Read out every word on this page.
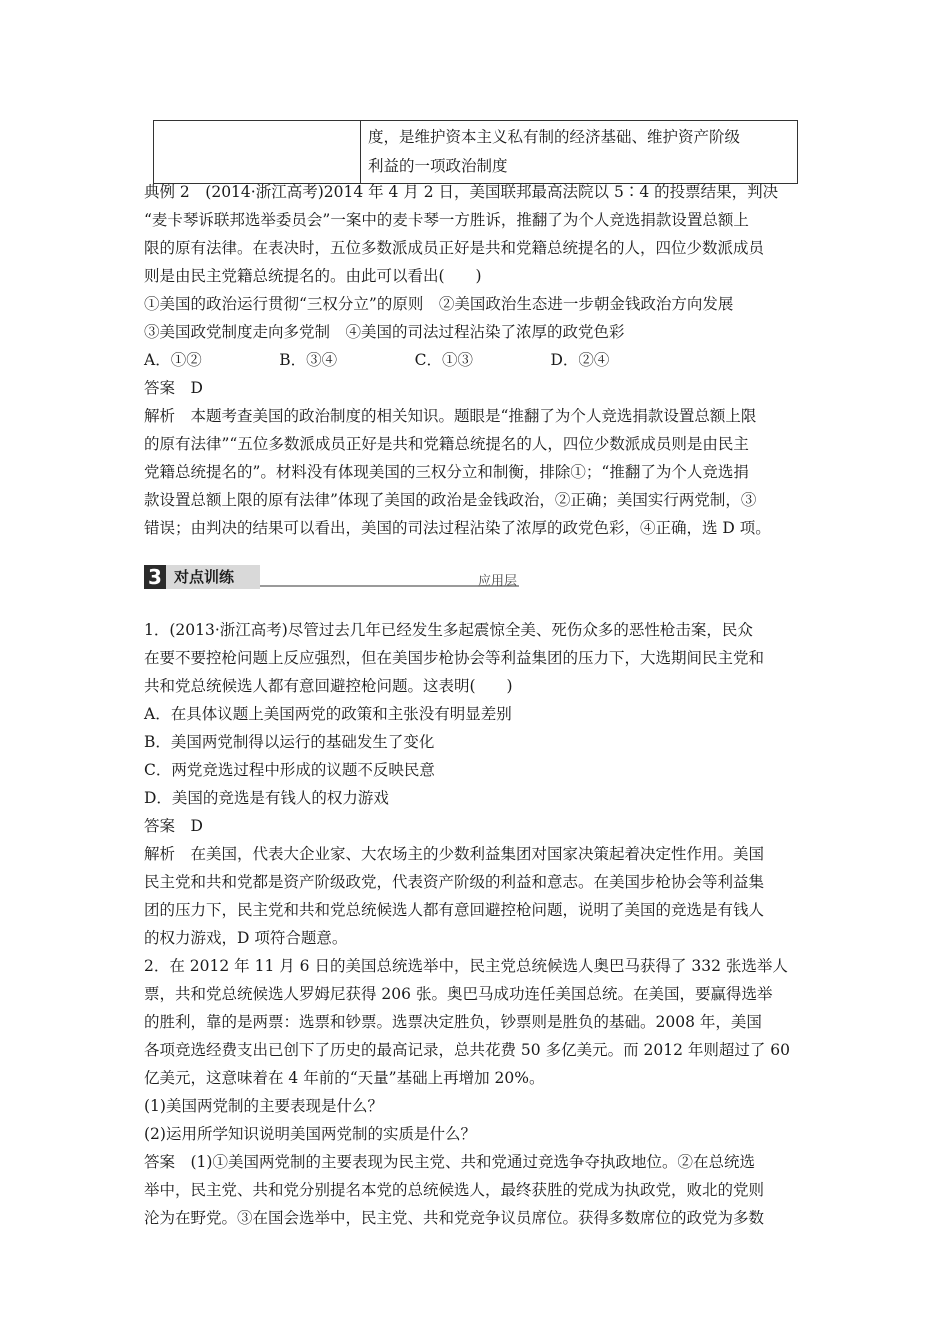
度，是维护资本主义私有制的经济基础、维护资产阶级
利益的一项政治制度
典例 2　(2014·浙江高考)2014 年 4 月 2 日，美国联邦最高法院以 5∶4 的投票结果，判决
“麦卡琴诉联邦选举委员会”一案中的麦卡琴一方胜诉，推翻了为个人竞选捐款设置总额上
限的原有法律。在表决时，五位多数派成员正好是共和党籍总统提名的人，四位少数派成员
则是由民主党籍总统提名的。由此可以看出(　　)
①美国的政治运行贯彻“三权分立”的原则　②美国政治生态进一步朝金钱政治方向发展
③美国政党制度走向多党制　④美国的司法过程沾染了浓厚的政党色彩
A．①②　　　　　B．③④　　　　　C．①③　　　　　D．②④
答案　D
解析　本题考查美国的政治制度的相关知识。题眼是“推翻了为个人竞选捐款设置总额上限
的原有法律”“五位多数派成员正好是共和党籍总统提名的人，四位少数派成员则是由民主
党籍总统提名的”。材料没有体现美国的三权分立和制衡，排除①；“推翻了为个人竞选捐
款设置总额上限的原有法律”体现了美国的政治是金钱政治，②正确；美国实行两党制，③
错误；由判决的结果可以看出，美国的司法过程沾染了浓厚的政党色彩，④正确，选 D 项。
3 对点训练	应用层
1．(2013·浙江高考)尽管过去几年已经发生多起震惊全美、死伤众多的恶性枪击案，民众
在要不要控枪问题上反应强烈，但在美国步枪协会等利益集团的压力下，大选期间民主党和
共和党总统候选人都有意回避控枪问题。这表明(　　)
A．在具体议题上美国两党的政策和主张没有明显差别
B．美国两党制得以运行的基础发生了变化
C．两党竞选过程中形成的议题不反映民意
D．美国的竞选是有钱人的权力游戏
答案　D
解析　在美国，代表大企业家、大农场主的少数利益集团对国家决策起着决定性作用。美国
民主党和共和党都是资产阶级政党，代表资产阶级的利益和意志。在美国步枪协会等利益集
团的压力下，民主党和共和党总统候选人都有意回避控枪问题，说明了美国的竞选是有钱人
的权力游戏，D 项符合题意。
2．在 2012 年 11 月 6 日的美国总统选举中，民主党总统候选人奥巴马获得了 332 张选举人
票，共和党总统候选人罗姆尼获得 206 张。奥巴马成功连任美国总统。在美国，要赢得选举
的胜利，靠的是两票：选票和钞票。选票决定胜负，钞票则是胜负的基础。2008 年，美国
各项竞选经费支出已创下了历史的最高记录，总共花费 50 多亿美元。而 2012 年则超过了 60
亿美元，这意味着在 4 年前的“天量”基础上再增加 20%。
(1)美国两党制的主要表现是什么？
(2)运用所学知识说明美国两党制的实质是什么？
答案　(1)①美国两党制的主要表现为民主党、共和党通过竞选争夺执政地位。②在总统选
举中，民主党、共和党分别提名本党的总统候选人，最终获胜的党成为执政党，败北的党则
沦为在野党。③在国会选举中，民主党、共和党竞争议员席位。获得多数席位的政党为多数
